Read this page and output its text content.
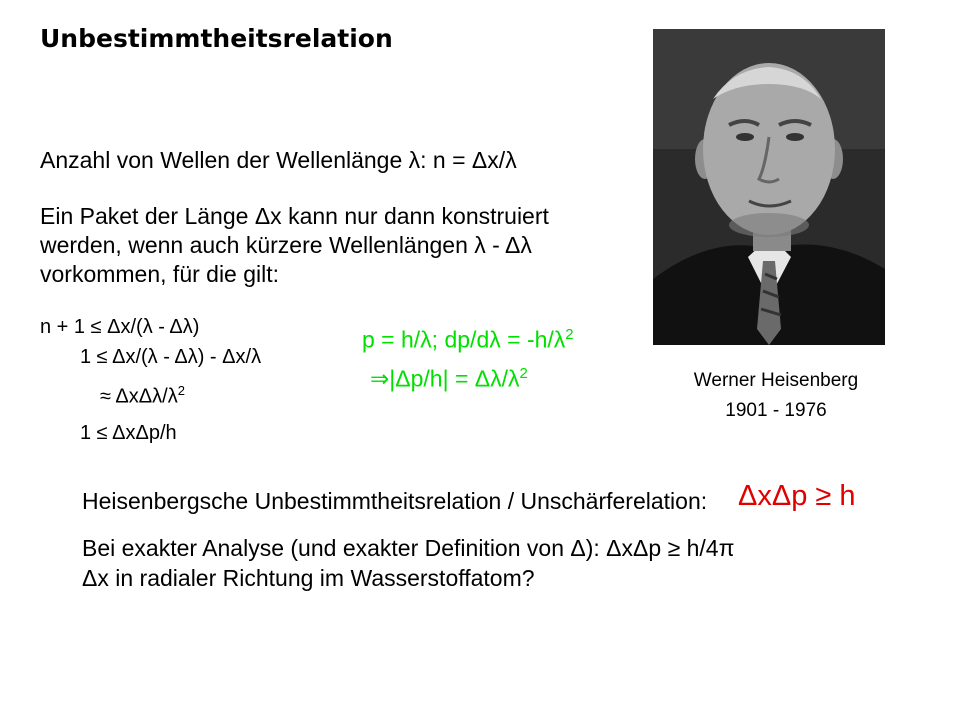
Unbestimmtheitsrelation
Anzahl von Wellen der Wellenlänge λ: n = Δx/λ
Ein Paket der Länge Δx kann nur dann konstruiert
werden, wenn auch kürzere Wellenlängen λ - Δλ
vorkommen, für die gilt:
n + 1 ≤ Δx/(λ - Δλ)
1 ≤ Δx/(λ - Δλ) - Δx/λ
≈ ΔxΔλ/$\lambda^2$
1 ≤ ΔxΔp/h
p = h/λ; $dp/d\lambda = -h/\lambda^2$
⇒|Δp/h| = $\Delta\lambda/\lambda^2$	Werner Heisenberg
1901 - 1976
Heisenbergsche Unbestimmtheitsrelation / Unschärferelation: ΔxΔp ≥ h
Bei exakter Analyse (und exakter Definition von Δ): ΔxΔp ≥ h/4π
Δx in radialer Richtung im Wasserstoffatom?
